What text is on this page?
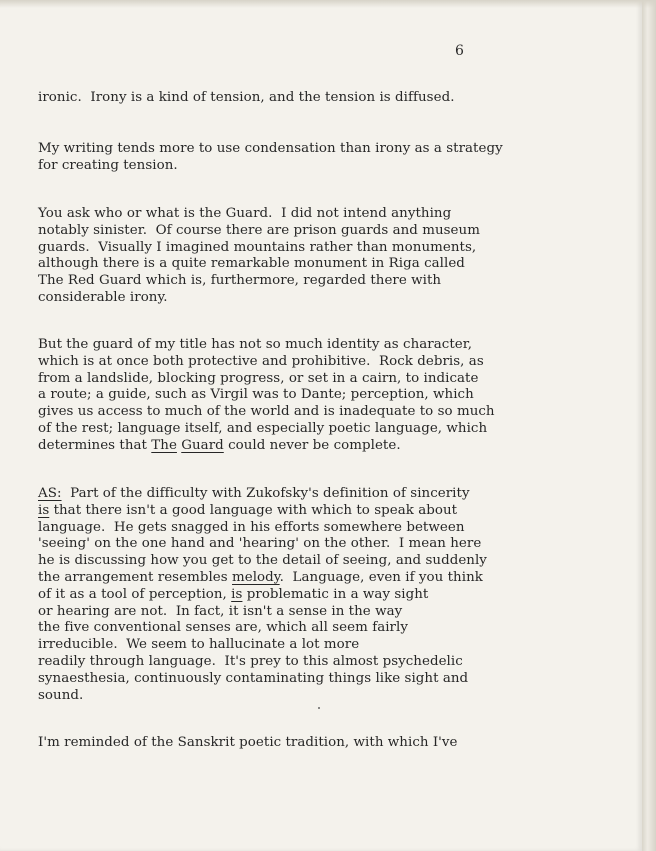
6
ironic.  Irony is a kind of tension, and the tension is diffused.
My writing tends more to use condensation than irony as a strategy
for creating tension.
You ask who or what is the Guard.  I did not intend anything
notably sinister.  Of course there are prison guards and museum
guards.  Visually I imagined mountains rather than monuments,
although there is a quite remarkable monument in Riga called
The Red Guard which is, furthermore, regarded there with
considerable irony.
But the guard of my title has not so much identity as character,
which is at once both protective and prohibitive.  Rock debris, as
from a landslide, blocking progress, or set in a cairn, to indicate
a route; a guide, such as Virgil was to Dante; perception, which
gives us access to much of the world and is inadequate to so much
of the rest; language itself, and especially poetic language, which
determines that The Guard could never be complete.
AS:  Part of the difficulty with Zukofsky's definition of sincerity
is that there isn't a good language with which to speak about
language.  He gets snagged in his efforts somewhere between
'seeing' on the one hand and 'hearing' on the other.  I mean here
he is discussing how you get to the detail of seeing, and suddenly
the arrangement resembles melody.  Language, even if you think
of it as a tool of perception, is problematic in a way sight
or hearing are not.  In fact, it isn't a sense in the way
the five conventional senses are, which all seem fairly
irreducible.  We seem to hallucinate a lot more
readily through language.  It's prey to this almost psychedelic
synaesthesia, continuously contaminating things like sight and
sound.
I'm reminded of the Sanskrit poetic tradition, with which I've
